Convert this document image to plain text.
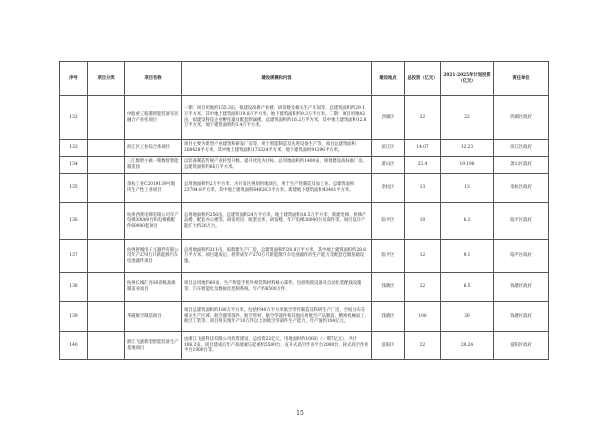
序号	项目分类	项目名称	建设规模和内容	建设地点	总投资（亿元）	2021-2025年计划投资（亿元）	责任单位
132		中船重工临港智能装备军民融合产业化项目	一期：项目用地约155.3亩，拟建设高新产业楼、研发楼及相关生产车间等，总建筑面积约29.1万平方米，其中地上建筑面积19.8万平方米，地下建筑面积约9.3万平方米。二期：项目用地43亩，拟建设科技企业孵化器及配套附属楼，总建筑面积约16.2万平方米，其中地上建筑面积12.8万平方米，地下建筑面积约3.4万平方米。	西湖区	22	22	西湖区政府
133		滨江区工业综合体项目	项目主要为新型产业建筑和研发厂房等，用于智能制造及先进设备生产等，项目总建筑面积208428平方米，其中地上建筑面积173324平方米，地下建筑面积91296平方米。	滨江区	14.07	12.23	滨江区政府
134		三江数智小镇一期数智智能制造园	以装备制造传统产业转型升级、提升优化为目标，总用地面积约1400亩，规划建设高标准厂房，总建筑面积约66万平方米。	萧山区	22.4	19.198	萧山区政府
135		余杭工业C2019139号地块生产性工业项目	总用地面积约2万平方米，为开发区规划用地项目，用于生产性制造及加工业。总建筑面积23794.8平方米，其中地上建筑面积64928.5平方米，新建地下建筑面积43481平方米。	余杭区	13	13	余杭区政府
136		杭州西奥电梯有限公司年产电梯30000台和电梯模配件60000套项目	总用地面积约256亩，总建筑面积24万平方米，地上建筑面积18.5万平方米，新建电梯、机梯产品楼、配套办公楼等。研发用房、配套仓库、研发楼，年产电梯30000台及部件等，项目设计产能扩大约20万台。	临平区	10	6.3	临平区政府
137		杭州舒城电子元器件有限公司年产270万只新能源汽车电池器件项目	总用地面积约211亩，拟新建生产厂房、总建筑面积约20.8万平方米，其中地上建筑面积约28.8万平方米。项目建成后，将形成年产270万只新能源汽车电池器件的生产能力及配套仓储基础设施。	临平区	12	9.1	临平区政府
138		杭州长城汇谷36省级高端制造业项目	项目总用地约60亩，生产智能手机外观装饰材料核心部件。包括购置设备及自动化装配线设施等，汽车智能化及数据化控制系统。年产约6500万件。	钱塘区	22	6.5	钱塘区政府
139		华磁航空制造项目	项目总建筑面积约180万平方米，包括约40万平方米航空零件制造及科研生产厂房，空间分布在相关生产区域；航空器零部件、航空管材、航空零部件和其他民用航空产品制造、精密机械加工、航空工装等，项目将实现年产10万件以上的航空零部件生产能力，年产值约104亿元。	钱塘区	100	30	钱塘区政府
140		浙江飞旋新型智能装备生产基地项目	由浙江飞旋科技有限公司投资建设，总投资22亿元，用地面积约100亩（一期7亿元），共计106.2亩。项目建成后年产高端液压起重机5500台、直升式高空作业平台2000台、轮式高空作业平台1000台等。	富阳区	22	20.24	富阳区政府
15
